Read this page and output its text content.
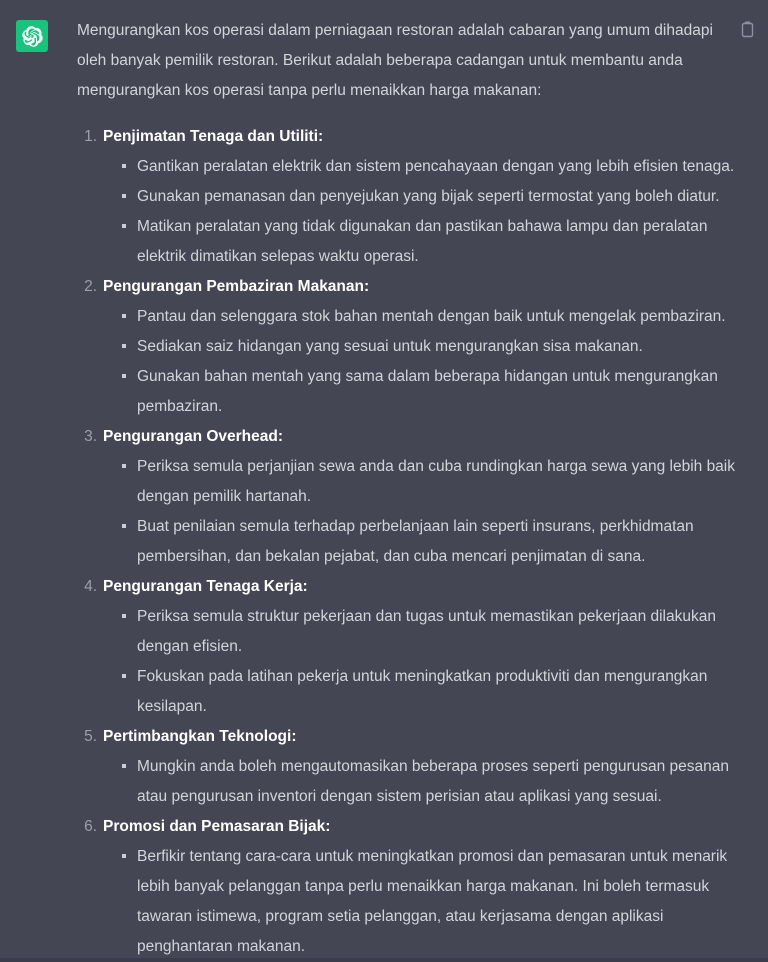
Mengurangkan kos operasi dalam perniagaan restoran adalah cabaran yang umum dihadapi oleh banyak pemilik restoran. Berikut adalah beberapa cadangan untuk membantu anda mengurangkan kos operasi tanpa perlu menaikkan harga makanan:

Penjimatan Tenaga dan Utiliti:
Gantikan peralatan elektrik dan sistem pencahayaan dengan yang lebih efisien tenaga.
Gunakan pemanasan dan penyejukan yang bijak seperti termostat yang boleh diatur.
Matikan peralatan yang tidak digunakan dan pastikan bahawa lampu dan peralatan elektrik dimatikan selepas waktu operasi.
Pengurangan Pembaziran Makanan:
Pantau dan selenggara stok bahan mentah dengan baik untuk mengelak pembaziran.
Sediakan saiz hidangan yang sesuai untuk mengurangkan sisa makanan.
Gunakan bahan mentah yang sama dalam beberapa hidangan untuk mengurangkan pembaziran.
Pengurangan Overhead:
Periksa semula perjanjian sewa anda dan cuba rundingkan harga sewa yang lebih baik dengan pemilik hartanah.
Buat penilaian semula terhadap perbelanjaan lain seperti insurans, perkhidmatan pembersihan, dan bekalan pejabat, dan cuba mencari penjimatan di sana.
Pengurangan Tenaga Kerja:
Periksa semula struktur pekerjaan dan tugas untuk memastikan pekerjaan dilakukan dengan efisien.
Fokuskan pada latihan pekerja untuk meningkatkan produktiviti dan mengurangkan kesilapan.
Pertimbangkan Teknologi:
Mungkin anda boleh mengautomasikan beberapa proses seperti pengurusan pesanan atau pengurusan inventori dengan sistem perisian atau aplikasi yang sesuai.
Promosi dan Pemasaran Bijak:
Berfikir tentang cara-cara untuk meningkatkan promosi dan pemasaran untuk menarik lebih banyak pelanggan tanpa perlu menaikkan harga makanan. Ini boleh termasuk tawaran istimewa, program setia pelanggan, atau kerjasama dengan aplikasi penghantaran makanan.
